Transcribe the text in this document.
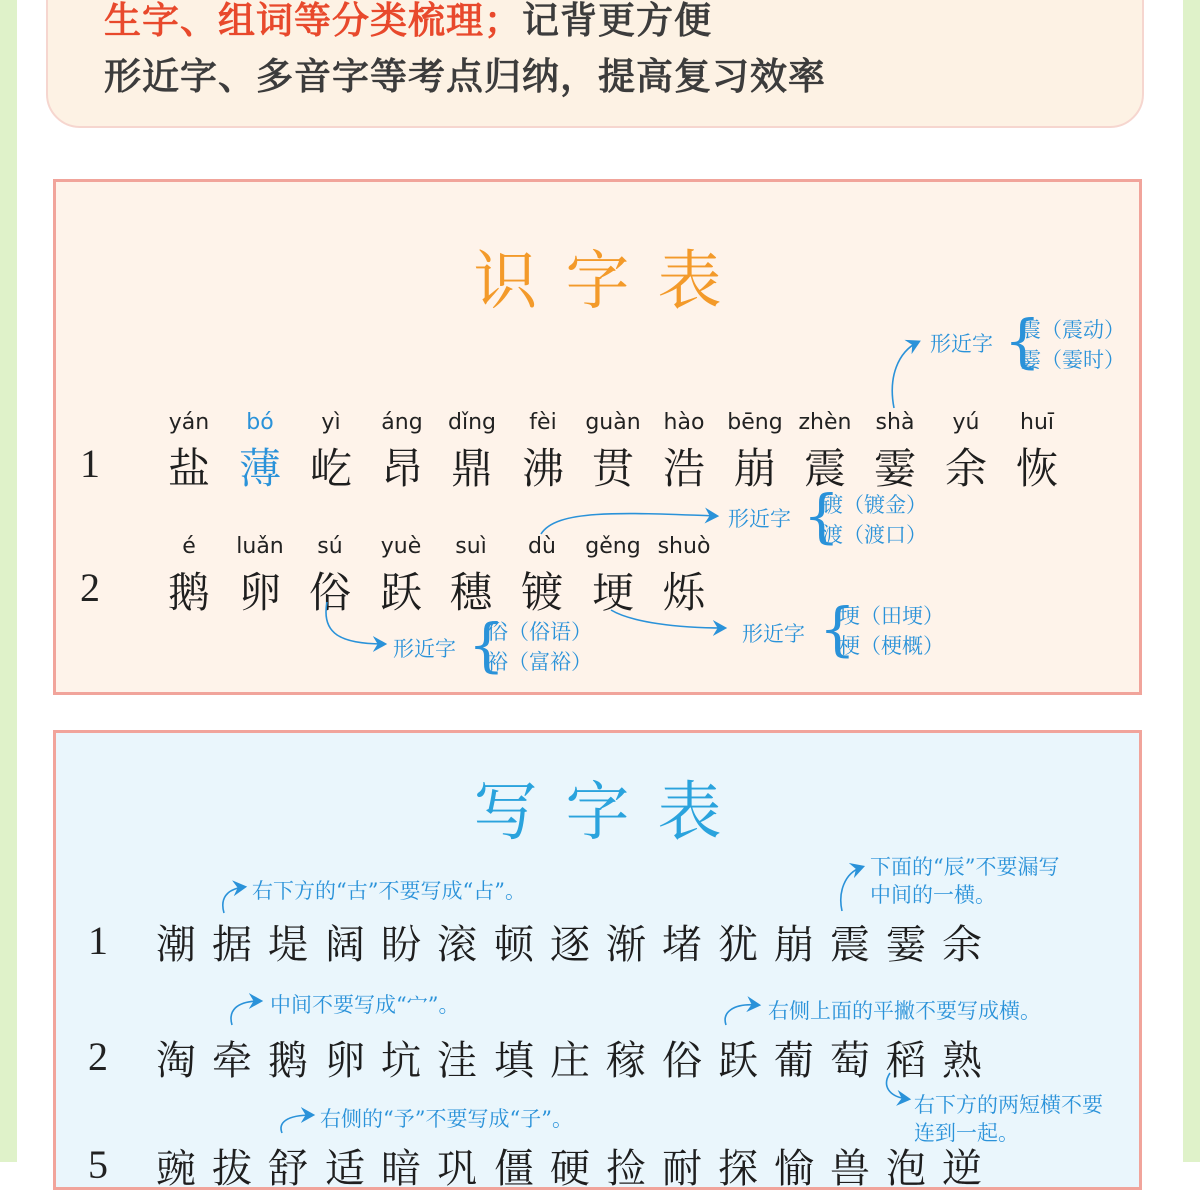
生字、组词等分类梳理；记背更方便
形近字、多音字等考点归纳，提高复习效率
识字表
1
yán
盐
bó
薄
yì
屹
áng
昂
dǐng
鼎
fèi
沸
guàn
贯
hào
浩
bēng
崩
zhèn
震
shà
霎
yú
余
huī
恢
2
é
鹅
luǎn
卵
sú
俗
yuè
跃
suì
穗
dù
镀
gěng
埂
shuò
烁
形近字 {
震（震动）
霎（霎时）
形近字 {
镀（镀金）
渡（渡口）
形近字 {
俗（俗语）
裕（富裕）
形近字 {
埂（田埂）
梗（梗概）
写字表
1
2
5
潮 据 堤 阔 盼 滚 顿 逐 渐 堵 犹 崩 震 霎 余
淘 牵 鹅 卵 坑 洼 填 庄 稼 俗 跃 葡 萄 稻 熟
豌 拔 舒 适 暗 巩 僵 硬 捡 耐 探 愉 兽 泡 逆
右下方的“古”不要写成“占”。
下面的“辰”不要漏写
中间的一横。
中间不要写成“宀”。	右侧上面的平撇不要写成横。
右下方的两短横不要
连到一起。
右侧的“予”不要写成“子”。
